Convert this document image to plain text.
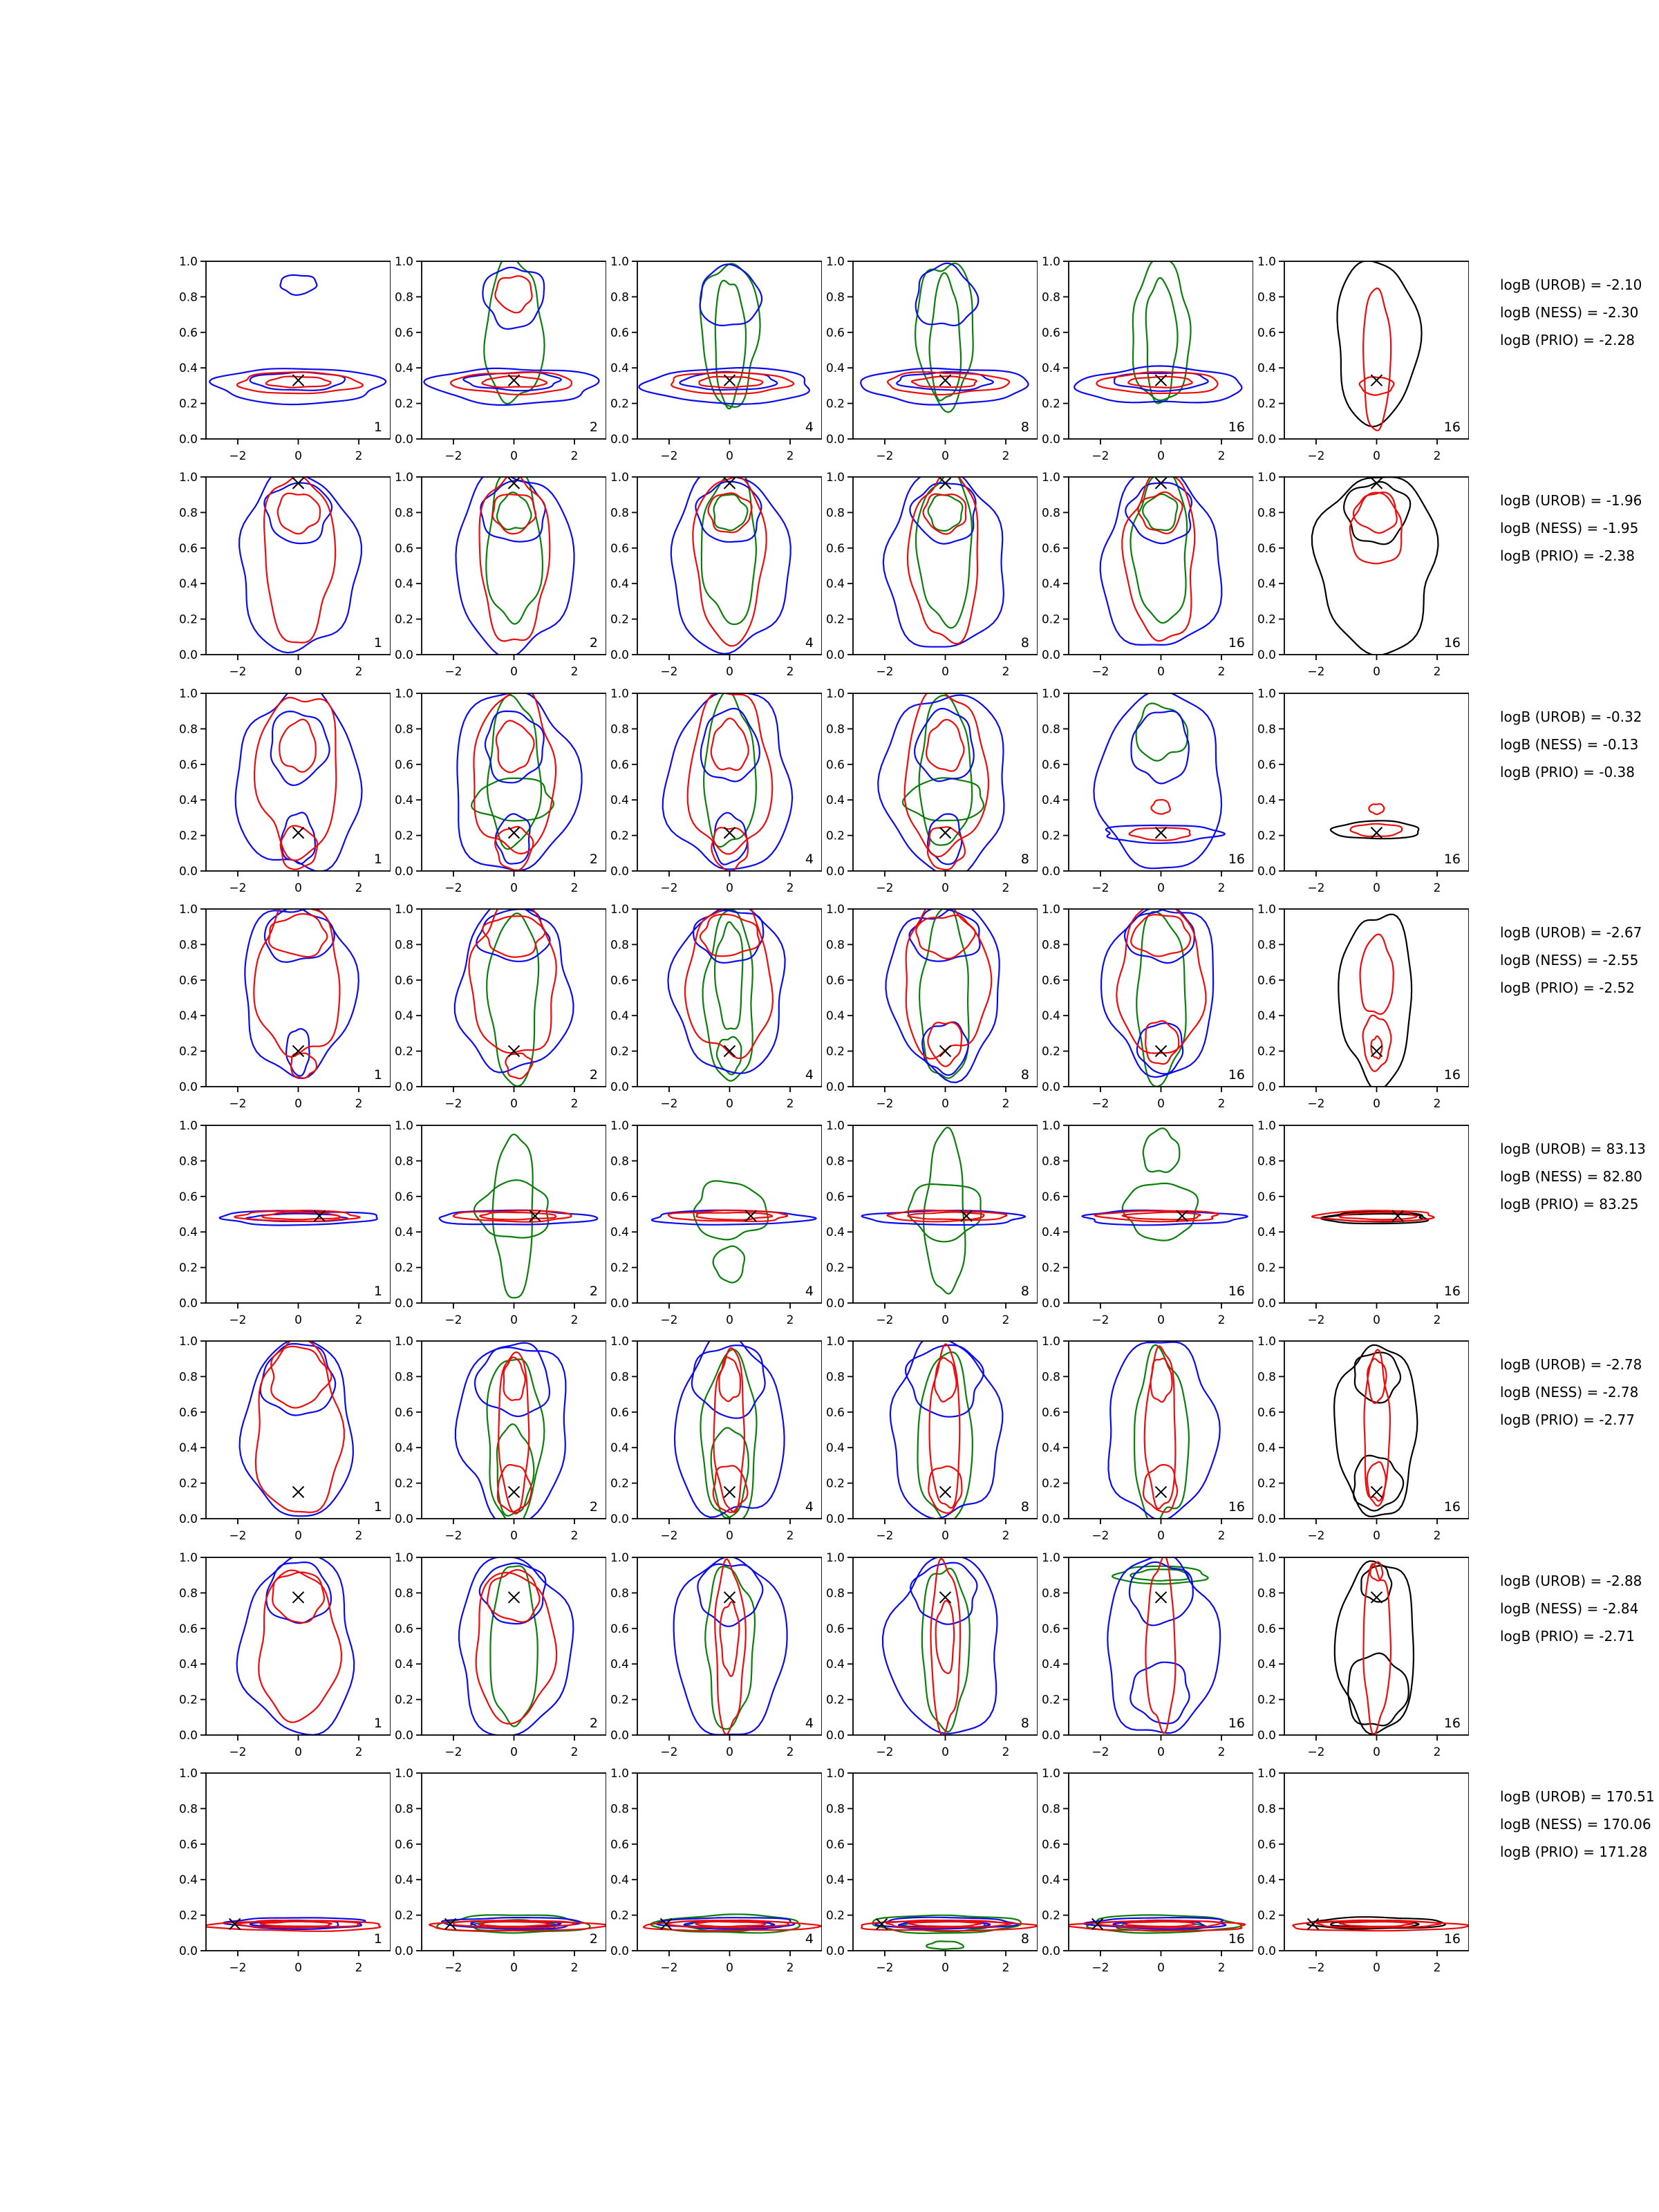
0.0
0.2
0.4
0.6
0.8
1.0
−2	0	2
1
0.0
0.2
0.4
0.6
0.8
1.0
−2	0	2
2
0.0
0.2
0.4
0.6
0.8
1.0
−2	0	2
4
0.0
0.2
0.4
0.6
0.8
1.0
−2	0	2
8
0.0
0.2
0.4
0.6
0.8
1.0
−2	0	2
16
0.0
0.2
0.4
0.6
0.8
1.0
−2	0	2
16
logB (UROB) = -2.10
logB (NESS) = -2.30
logB (PRIO) = -2.28
0.0
0.2
0.4
0.6
0.8
1.0
−2	0	2
1
0.0
0.2
0.4
0.6
0.8
1.0
−2	0	2
2
0.0
0.2
0.4
0.6
0.8
1.0
−2	0	2
4
0.0
0.2
0.4
0.6
0.8
1.0
−2	0	2
8
0.0
0.2
0.4
0.6
0.8
1.0
−2	0	2
16
0.0
0.2
0.4
0.6
0.8
1.0
−2	0	2
16
logB (UROB) = -1.96
logB (NESS) = -1.95
logB (PRIO) = -2.38
0.0
0.2
0.4
0.6
0.8
1.0
−2	0	2
1
0.0
0.2
0.4
0.6
0.8
1.0
−2	0	2
2
0.0
0.2
0.4
0.6
0.8
1.0
−2	0	2
4
0.0
0.2
0.4
0.6
0.8
1.0
−2	0	2
8
0.0
0.2
0.4
0.6
0.8
1.0
−2	0	2
16
0.0
0.2
0.4
0.6
0.8
1.0
−2	0	2
16
logB (UROB) = -0.32
logB (NESS) = -0.13
logB (PRIO) = -0.38
0.0
0.2
0.4
0.6
0.8
1.0
−2	0	2
1
0.0
0.2
0.4
0.6
0.8
1.0
−2	0	2
2
0.0
0.2
0.4
0.6
0.8
1.0
−2	0	2
4
0.0
0.2
0.4
0.6
0.8
1.0
−2	0	2
8
0.0
0.2
0.4
0.6
0.8
1.0
−2	0	2
16
0.0
0.2
0.4
0.6
0.8
1.0
−2	0	2
16
logB (UROB) = -2.67
logB (NESS) = -2.55
logB (PRIO) = -2.52
0.0
0.2
0.4
0.6
0.8
1.0
−2	0	2
1
0.0
0.2
0.4
0.6
0.8
1.0
−2	0	2
2
0.0
0.2
0.4
0.6
0.8
1.0
−2	0	2
4
0.0
0.2
0.4
0.6
0.8
1.0
−2	0	2
8
0.0
0.2
0.4
0.6
0.8
1.0
−2	0	2
16
0.0
0.2
0.4
0.6
0.8
1.0
−2	0	2
16
logB (UROB) = 83.13
logB (NESS) = 82.80
logB (PRIO) = 83.25
0.0
0.2
0.4
0.6
0.8
1.0
−2	0	2
1
0.0
0.2
0.4
0.6
0.8
1.0
−2	0	2
2
0.0
0.2
0.4
0.6
0.8
1.0
−2	0	2
4
0.0
0.2
0.4
0.6
0.8
1.0
−2	0	2
8
0.0
0.2
0.4
0.6
0.8
1.0
−2	0	2
16
0.0
0.2
0.4
0.6
0.8
1.0
−2	0	2
16
logB (UROB) = -2.78
logB (NESS) = -2.78
logB (PRIO) = -2.77
0.0
0.2
0.4
0.6
0.8
1.0
−2	0	2
1
0.0
0.2
0.4
0.6
0.8
1.0
−2	0	2
2
0.0
0.2
0.4
0.6
0.8
1.0
−2	0	2
4
0.0
0.2
0.4
0.6
0.8
1.0
−2	0	2
8
0.0
0.2
0.4
0.6
0.8
1.0
−2	0	2
16
0.0
0.2
0.4
0.6
0.8
1.0
−2	0	2
16
logB (UROB) = -2.88
logB (NESS) = -2.84
logB (PRIO) = -2.71
0.0
0.2
0.4
0.6
0.8
1.0
−2	0	2
1
0.0
0.2
0.4
0.6
0.8
1.0
−2	0	2
2
0.0
0.2
0.4
0.6
0.8
1.0
−2	0	2
4
0.0
0.2
0.4
0.6
0.8
1.0
−2	0	2
8
0.0
0.2
0.4
0.6
0.8
1.0
−2	0	2
16
0.0
0.2
0.4
0.6
0.8
1.0
−2	0	2
16
logB (UROB) = 170.51
logB (NESS) = 170.06
logB (PRIO) = 171.28
